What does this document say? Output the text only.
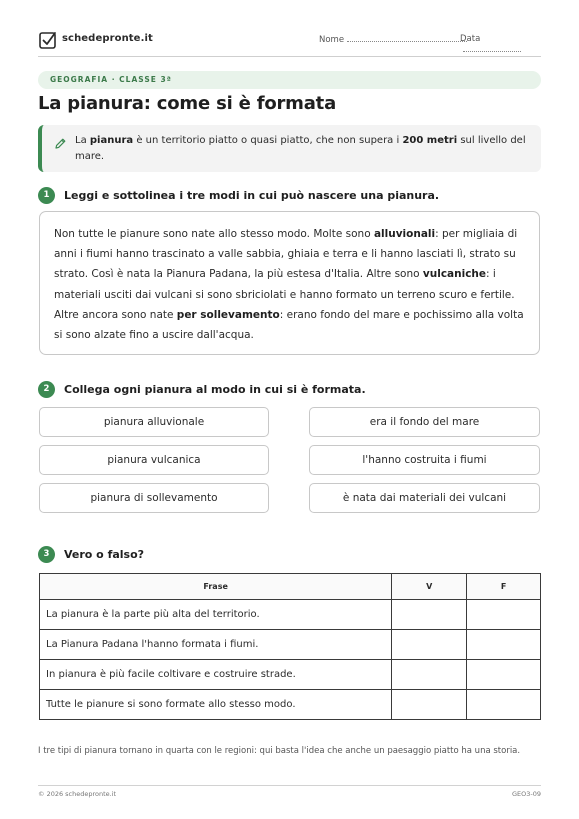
schedepronte.it	Nome	Data
GEOGRAFIA · CLASSE 3ª
La pianura: come si è formata
La pianura è un territorio piatto o quasi piatto, che non supera i 200 metri sul livello del mare.
1	Leggi e sottolinea i tre modi in cui può nascere una pianura.
Non tutte le pianure sono nate allo stesso modo. Molte sono alluvionali: per migliaia di anni i fiumi hanno trascinato a valle sabbia, ghiaia e terra e li hanno lasciati lì, strato su strato. Così è nata la Pianura Padana, la più estesa d'Italia. Altre sono vulcaniche: i materiali usciti dai vulcani si sono sbriciolati e hanno formato un terreno scuro e fertile. Altre ancora sono nate per sollevamento: erano fondo del mare e pochissimo alla volta si sono alzate fino a uscire dall'acqua.
2	Collega ogni pianura al modo in cui si è formata.
pianura alluvionale	era il fondo del mare
pianura vulcanica	l'hanno costruita i fiumi
pianura di sollevamento	è nata dai materiali dei vulcani
3	Vero o falso?
Frase	V	F
La pianura è la parte più alta del territorio.		
La Pianura Padana l'hanno formata i fiumi.		
In pianura è più facile coltivare e costruire strade.		
Tutte le pianure si sono formate allo stesso modo.		
I tre tipi di pianura tornano in quarta con le regioni: qui basta l'idea che anche un paesaggio piatto ha una storia.
© 2026 schedepronte.it	GEO3-09
